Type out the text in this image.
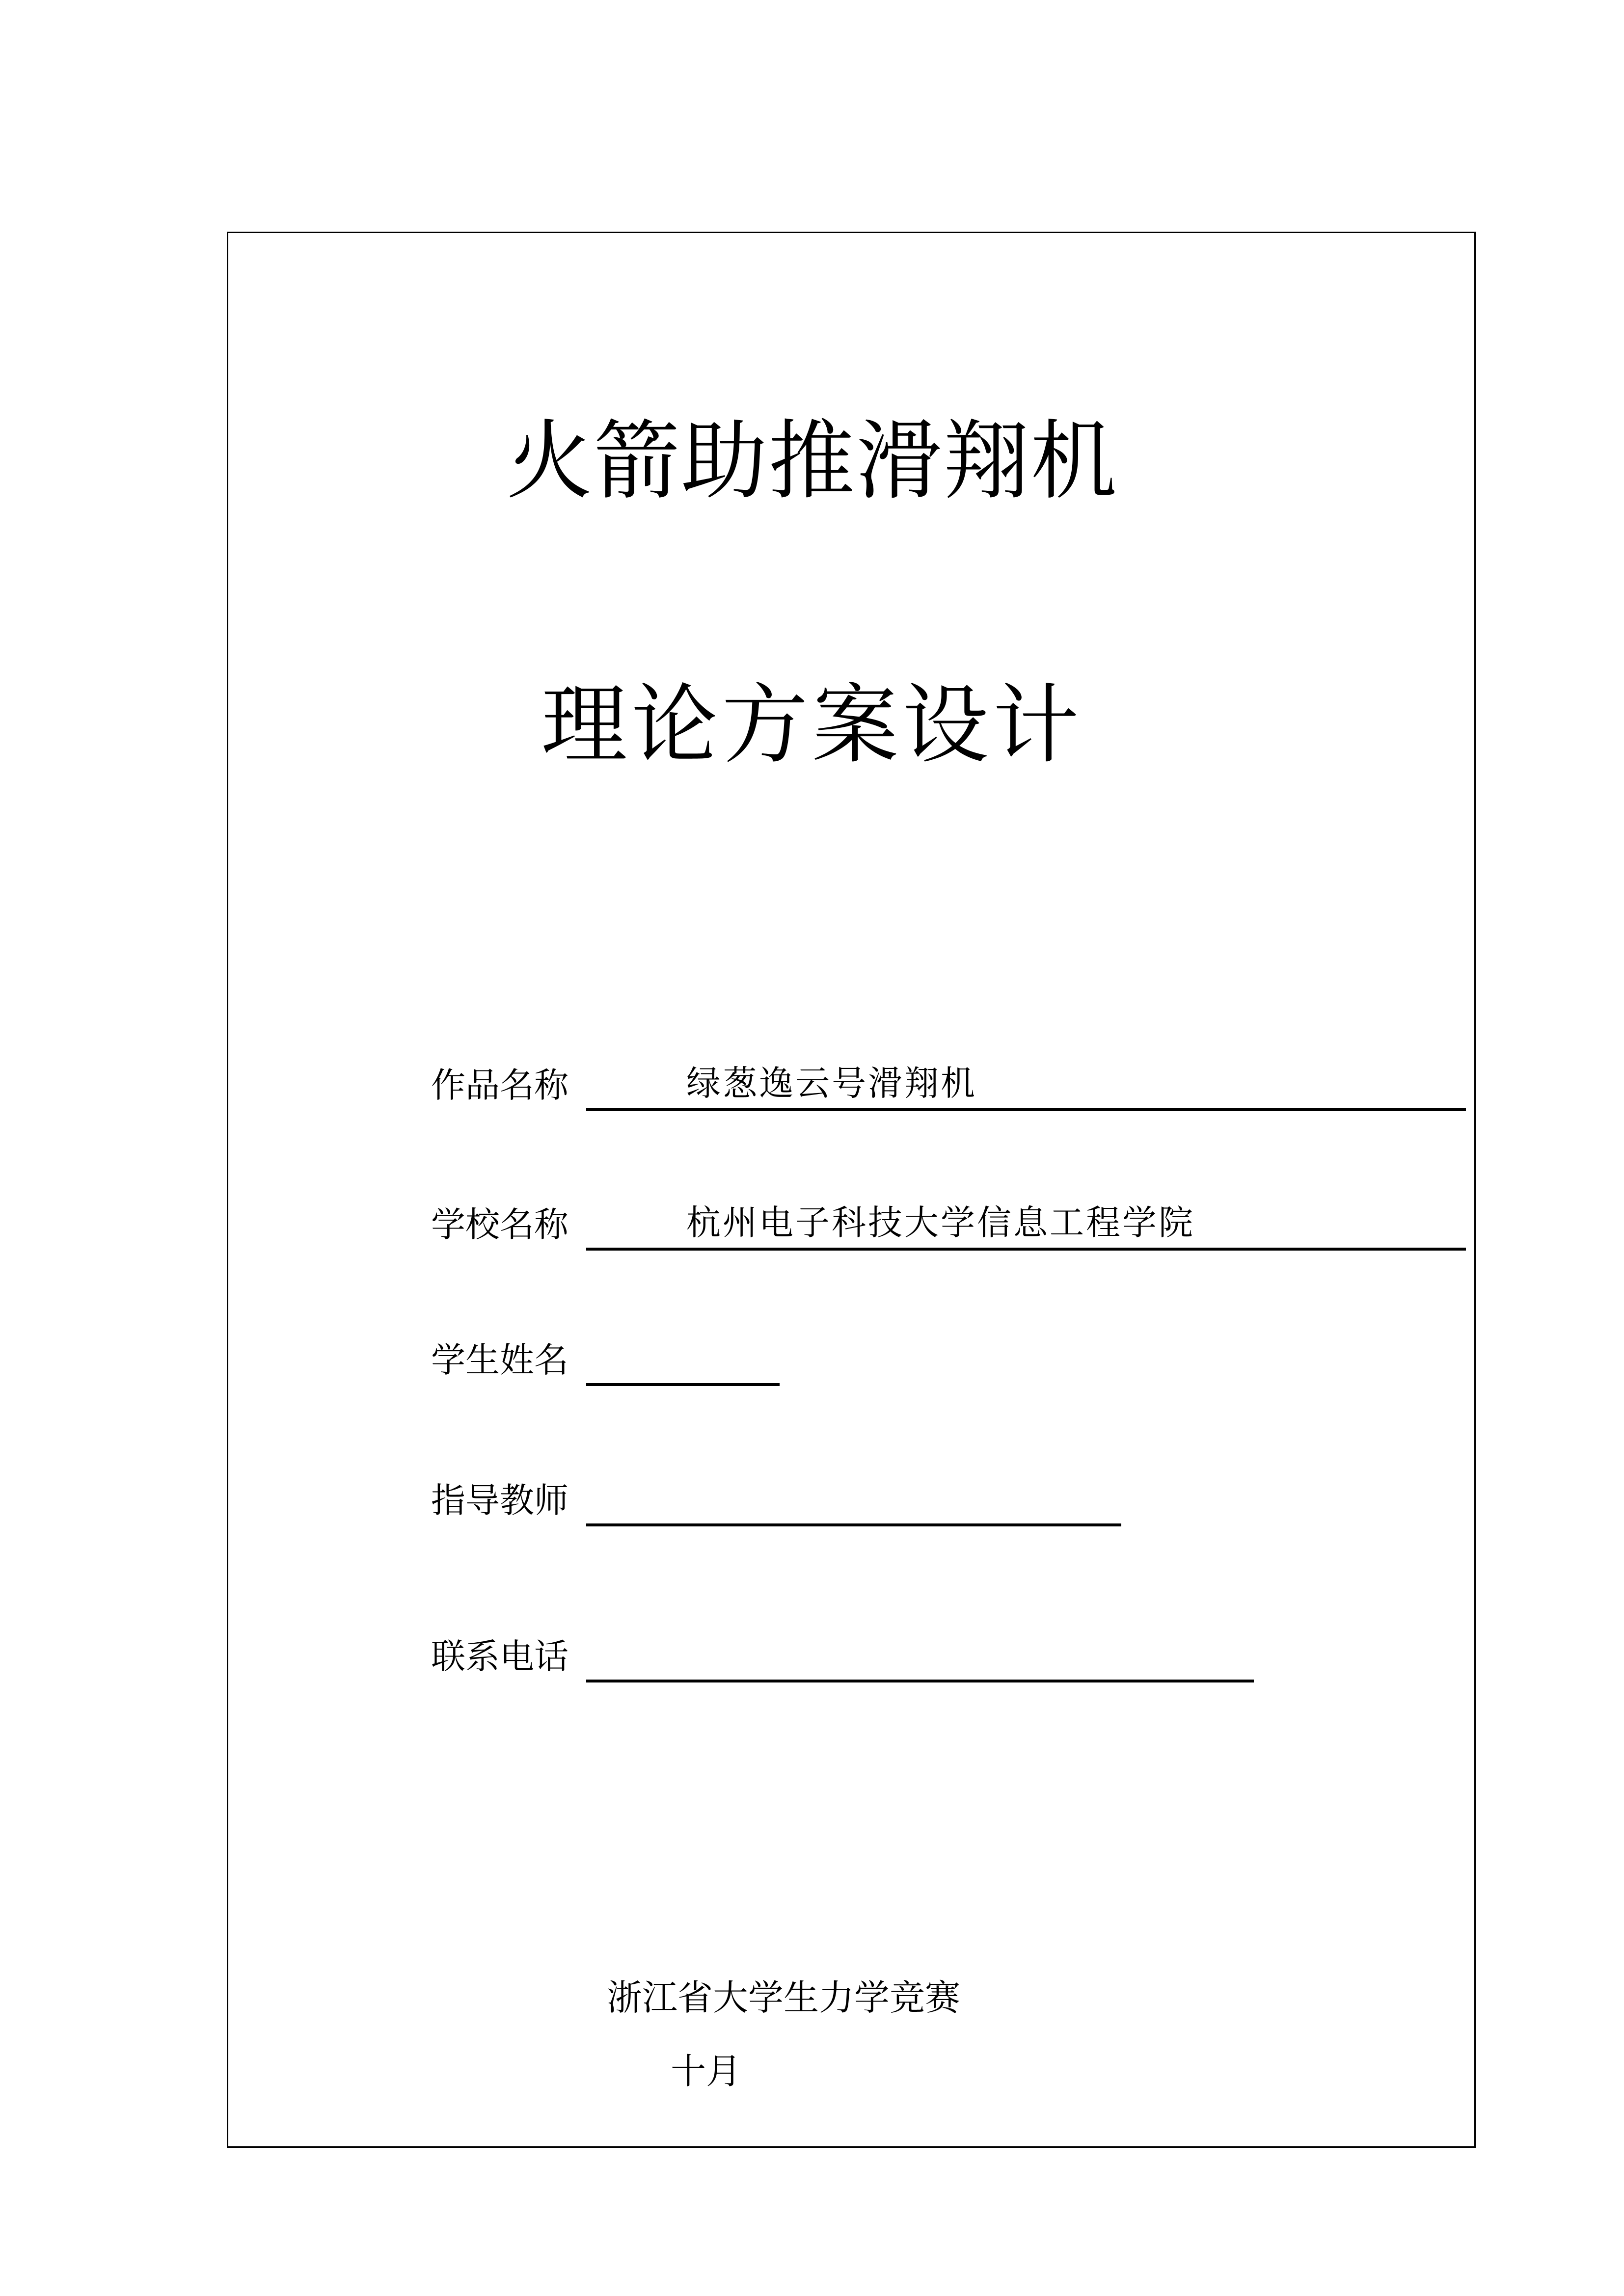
火箭助推滑翔机
理论方案设计
作品名称	绿葱逸云号滑翔机
学校名称	杭州电子科技大学信息工程学院
学生姓名
指导教师
联系电话
浙江省大学生力学竞赛
十月
